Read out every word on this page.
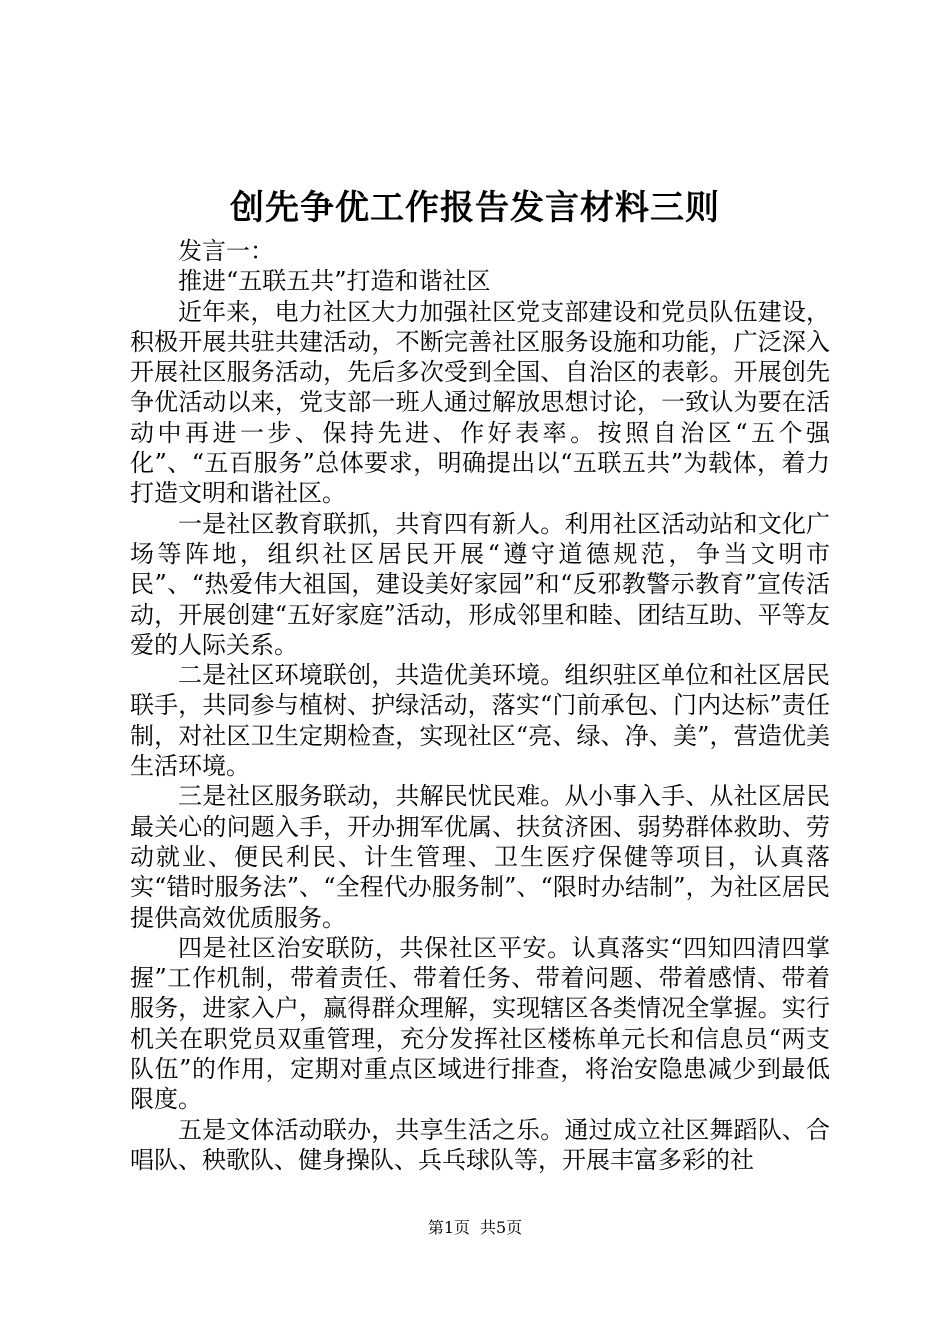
创先争优工作报告发言材料三则

发言一：

推进“五联五共”打造和谐社区

近年来，电力社区大力加强社区党支部建设和党员队伍建设，积极开展共驻共建活动，不断完善社区服务设施和功能，广泛深入开展社区服务活动，先后多次受到全国、自治区的表彰。开展创先争优活动以来，党支部一班人通过解放思想讨论，一致认为要在活动中再进一步、保持先进、作好表率。按照自治区“五个强化”、“五百服务”总体要求，明确提出以“五联五共”为载体，着力打造文明和谐社区。

一是社区教育联抓，共育四有新人。利用社区活动站和文化广场等阵地，组织社区居民开展“遵守道德规范，争当文明市民”、“热爱伟大祖国，建设美好家园”和“反邪教警示教育”宣传活动，开展创建“五好家庭”活动，形成邻里和睦、团结互助、平等友爱的人际关系。

二是社区环境联创，共造优美环境。组织驻区单位和社区居民联手，共同参与植树、护绿活动，落实“门前承包、门内达标”责任制，对社区卫生定期检查，实现社区“亮、绿、净、美”，营造优美生活环境。

三是社区服务联动，共解民忧民难。从小事入手、从社区居民最关心的问题入手，开办拥军优属、扶贫济困、弱势群体救助、劳动就业、便民利民、计生管理、卫生医疗保健等项目，认真落实“错时服务法”、“全程代办服务制”、“限时办结制”，为社区居民提供高效优质服务。

四是社区治安联防，共保社区平安。认真落实“四知四清四掌握”工作机制，带着责任、带着任务、带着问题、带着感情、带着服务，进家入户，赢得群众理解，实现辖区各类情况全掌握。实行机关在职党员双重管理，充分发挥社区楼栋单元长和信息员“两支队伍”的作用，定期对重点区域进行排查，将治安隐患减少到最低限度。

五是文体活动联办，共享生活之乐。通过成立社区舞蹈队、合唱队、秧歌队、健身操队、兵乓球队等，开展丰富多彩的社

第1页 共5页
